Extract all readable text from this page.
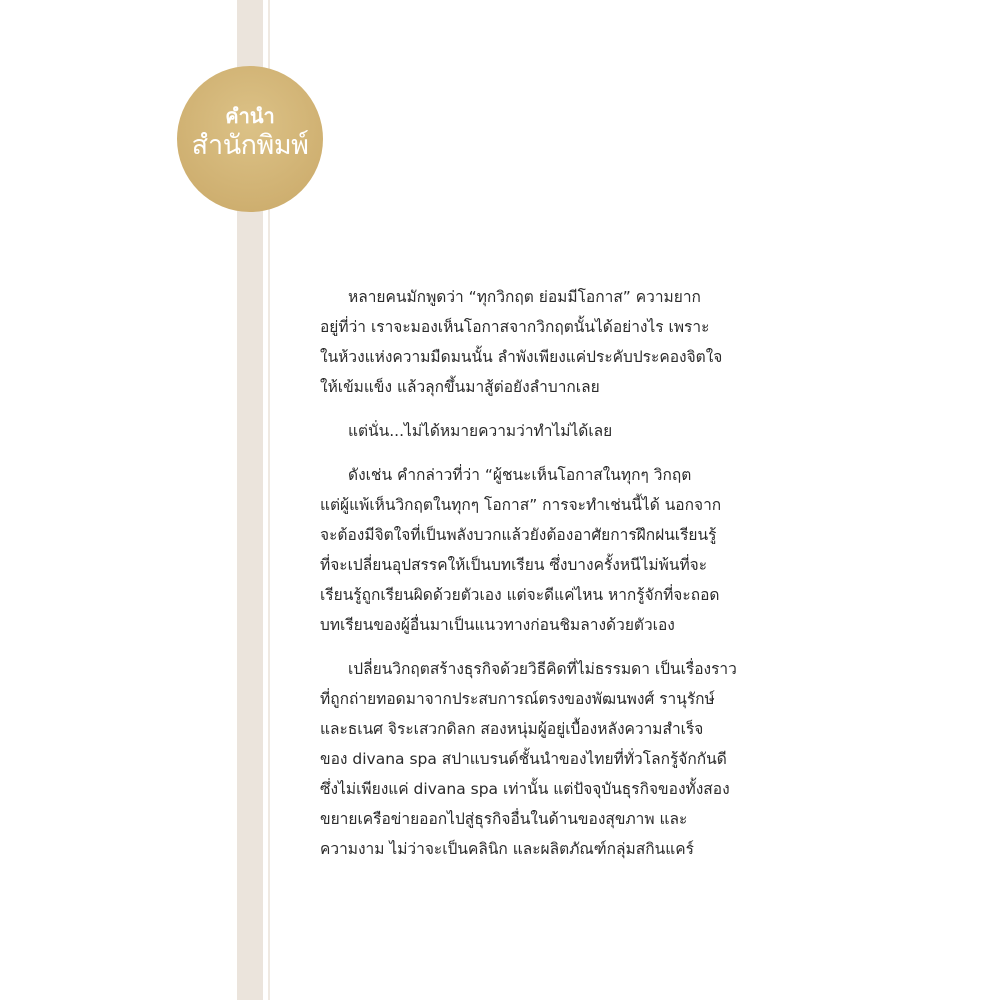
คำนำ
สำนักพิมพ์

หลายคนมักพูดว่า “ทุกวิกฤต ย่อมมีโอกาส” ความยาก
อยู่ที่ว่า เราจะมองเห็นโอกาสจากวิกฤตนั้นได้อย่างไร เพราะ
ในห้วงแห่งความมืดมนนั้น ลำพังเพียงแค่ประคับประคองจิตใจ
ให้เข้มแข็ง แล้วลุกขึ้นมาสู้ต่อยังลำบากเลย

แต่นั่น...ไม่ได้หมายความว่าทำไม่ได้เลย

ดังเช่น คำกล่าวที่ว่า “ผู้ชนะเห็นโอกาสในทุกๆ วิกฤต
แต่ผู้แพ้เห็นวิกฤตในทุกๆ โอกาส” การจะทำเช่นนี้ได้ นอกจาก
จะต้องมีจิตใจที่เป็นพลังบวกแล้วยังต้องอาศัยการฝึกฝนเรียนรู้
ที่จะเปลี่ยนอุปสรรคให้เป็นบทเรียน ซึ่งบางครั้งหนีไม่พ้นที่จะ
เรียนรู้ถูกเรียนผิดด้วยตัวเอง แต่จะดีแค่ไหน หากรู้จักที่จะถอด
บทเรียนของผู้อื่นมาเป็นแนวทางก่อนชิมลางด้วยตัวเอง

เปลี่ยนวิกฤตสร้างธุรกิจด้วยวิธีคิดที่ไม่ธรรมดา เป็นเรื่องราว
ที่ถูกถ่ายทอดมาจากประสบการณ์ตรงของพัฒนพงศ์ รานุรักษ์
และธเนศ จิระเสวกดิลก สองหนุ่มผู้อยู่เบื้องหลังความสำเร็จ
ของ divana spa สปาแบรนด์ชั้นนำของไทยที่ทั่วโลกรู้จักกันดี
ซึ่งไม่เพียงแค่ divana spa เท่านั้น แต่ปัจจุบันธุรกิจของทั้งสอง
ขยายเครือข่ายออกไปสู่ธุรกิจอื่นในด้านของสุขภาพ และ
ความงาม ไม่ว่าจะเป็นคลินิก และผลิตภัณฑ์กลุ่มสกินแคร์
